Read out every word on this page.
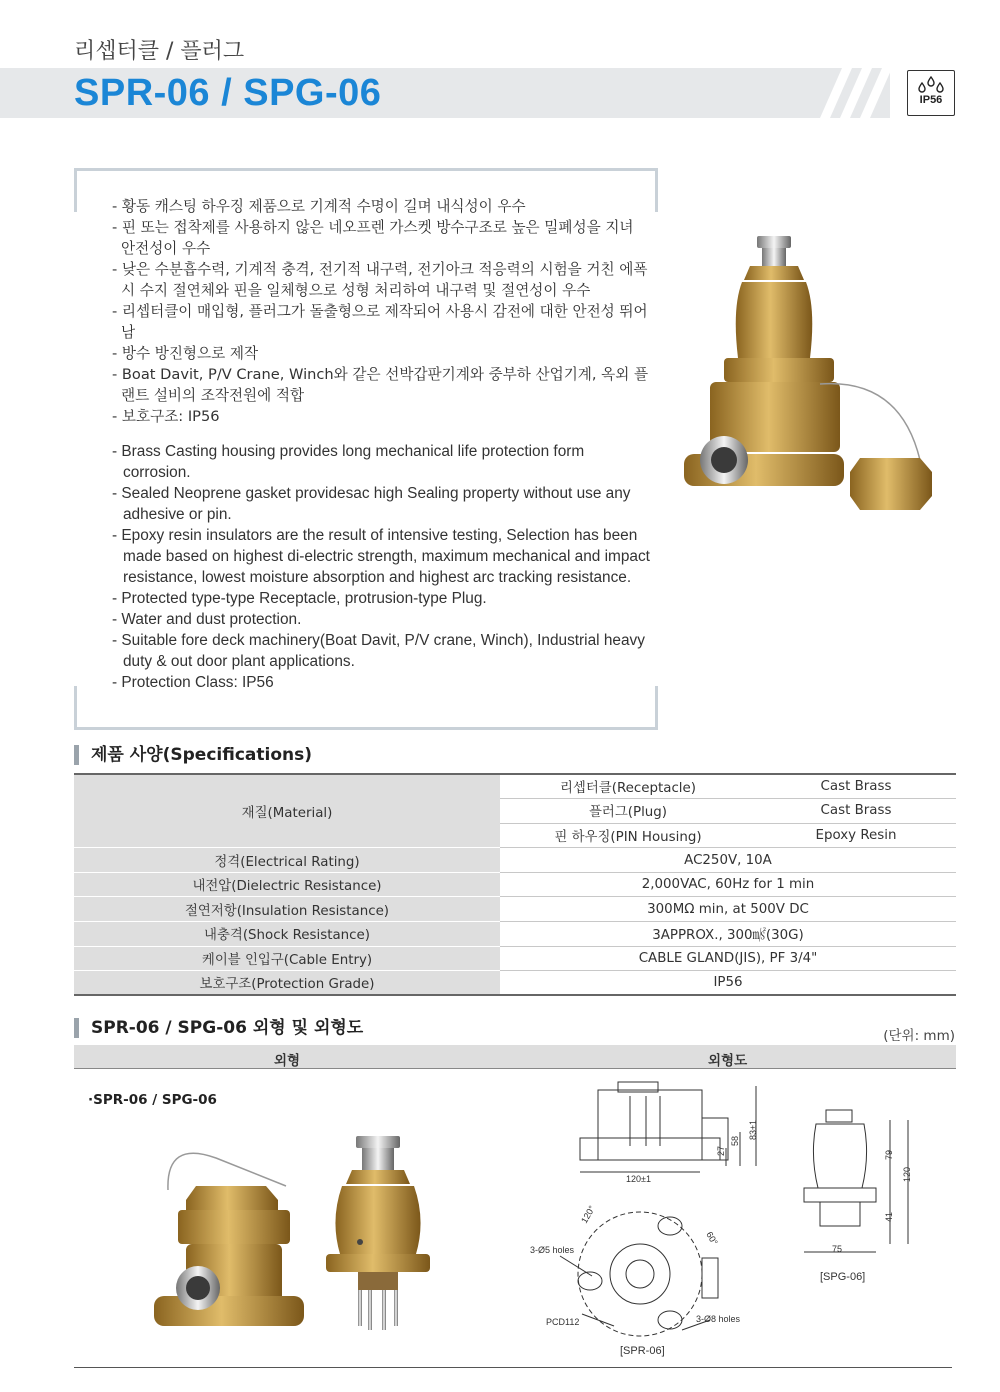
리셉터클 / 플러그
SPR-06 / SPG-06	IP56
- 황동 캐스팅 하우징 제품으로 기계적 수명이 길며 내식성이 우수
- 핀 또는 접착제를 사용하지 않은 네오프렌 가스켓 방수구조로 높은 밀폐성을 지녀 안전성이 우수
- 낮은 수분흡수력, 기계적 충격, 전기적 내구력, 전기아크 적응력의 시험을 거친 에폭시 수지 절연체와 핀을 일체형으로 성형 처리하여 내구력 및 절연성이 우수
- 리셉터클이 매입형, 플러그가 돌출형으로 제작되어 사용시 감전에 대한 안전성 뛰어남
- 방수 방진형으로 제작
- Boat Davit, P/V Crane, Winch와 같은 선박갑판기계와 중부하 산업기계, 옥외 플랜트 설비의 조작전원에 적합
- 보호구조: IP56
- Brass Casting housing provides long mechanical life protection form corrosion.
- Sealed Neoprene gasket providesac high Sealing property without use any adhesive or pin.
- Epoxy resin insulators are the result of intensive testing, Selection has been made based on highest di-electric strength, maximum mechanical and impact resistance, lowest moisture absorption and highest arc tracking resistance.
- Protected type-type Receptacle, protrusion-type Plug.
- Water and dust protection.
- Suitable fore deck machinery(Boat Davit, P/V crane, Winch), Industrial heavy duty & out door plant applications.
- Protection Class: IP56
제품 사양(Specifications)
재질(Material)	리셉터클(Receptacle)	Cast Brass
	플러그(Plug)	Cast Brass
	핀 하우징(PIN Housing)	Epoxy Resin
정격(Electrical Rating)	AC250V, 10A	
내전압(Dielectric Resistance)	2,000VAC, 60Hz for 1 min	
절연저항(Insulation Resistance)	300MΩ min, at 500V DC	
내충격(Shock Resistance)	3APPROX., 300㎨(30G)	
케이블 인입구(Cable Entry)	CABLE GLAND(JIS), PF 3/4"	
보호구조(Protection Grade)	IP56	
SPR-06 / SPG-06 외형 및 외형도	(단위: mm)
외형	외형도
·SPR-06 / SPG-06
83±1
58
27
120±1
120°
60°
3-Ø5 holes
PCD112	3-Ø8 holes
[SPR-06]
79
120
41
75
[SPG-06]
